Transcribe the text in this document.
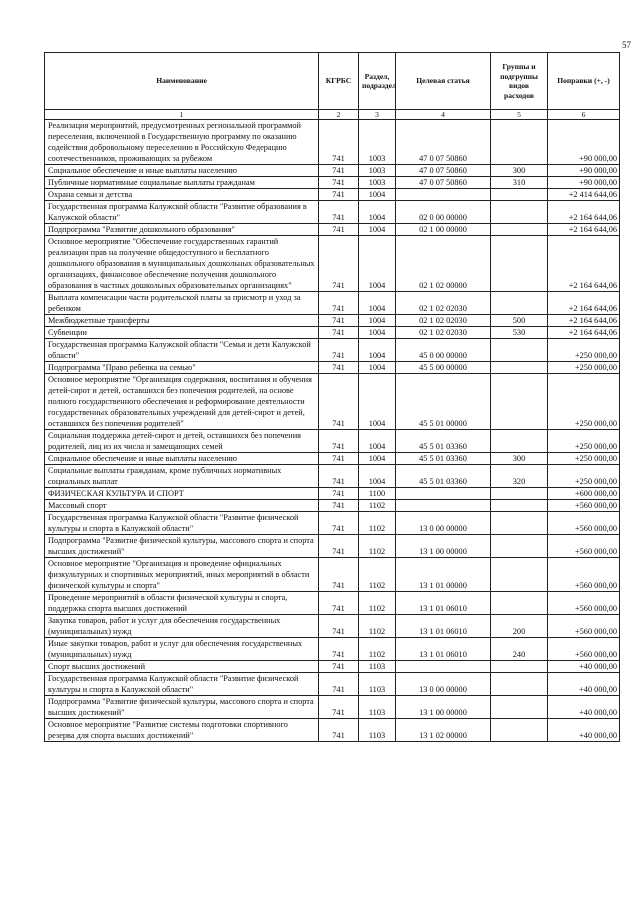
57
Наименование	КГРБС	Раздел, подраздел	Целевая статья	Группы и подгруппы видов расходов	Поправки (+, -)
1	2	3	4	5	6
Реализация мероприятий, предусмотренных региональной программой переселения, включенной в Государственную программу по оказанию содействия добровольному переселению в Российскую Федерацию соотечественников, проживающих за рубежом	741	1003	47 0 07 50860		+90 000,00
Социальное обеспечение и иные выплаты населению	741	1003	47 0 07 50860	300	+90 000,00
Публичные нормативные социальные выплаты гражданам	741	1003	47 0 07 50860	310	+90 000,00
Охрана семьи и детства	741	1004			+2 414 644,06
Государственная программа Калужской области "Развитие образования в Калужской области"	741	1004	02 0 00 00000		+2 164 644,06
Подпрограмма "Развитие дошкольного образования"	741	1004	02 1 00 00000		+2 164 644,06
Основное мероприятие "Обеспечение государственных гарантий реализации прав на получение общедоступного и бесплатного дошкольного образования в муниципальных дошкольных образовательных организациях, финансовое обеспечение получения дошкольного образования в частных дошкольных образовательных организациях"	741	1004	02 1 02 00000		+2 164 644,06
Выплата компенсации части родительской платы за присмотр и уход за ребенком	741	1004	02 1 02 02030		+2 164 644,06
Межбюджетные трансферты	741	1004	02 1 02 02030	500	+2 164 644,06
Субвенции	741	1004	02 1 02 02030	530	+2 164 644,06
Государственная программа Калужской области "Семья и дети Калужской области"	741	1004	45 0 00 00000		+250 000,00
Подпрограмма "Право ребенка на семью"	741	1004	45 5 00 00000		+250 000,00
Основное мероприятие "Организация содержания, воспитания и обучения детей-сирот и детей, оставшихся без попечения родителей, на основе полного государственного обеспечения и реформирование деятельности государственных образовательных учреждений для детей-сирот и детей, оставшихся без попечения родителей"	741	1004	45 5 01 00000		+250 000,00
Социальная поддержка детей-сирот и детей, оставшихся без попечения родителей, лиц из их числа и замещающих семей	741	1004	45 5 01 03360		+250 000,00
Социальное обеспечение и иные выплаты населению	741	1004	45 5 01 03360	300	+250 000,00
Социальные выплаты гражданам, кроме публичных нормативных социальных выплат	741	1004	45 5 01 03360	320	+250 000,00
ФИЗИЧЕСКАЯ КУЛЬТУРА И СПОРТ	741	1100			+600 000,00
Массовый спорт	741	1102			+560 000,00
Государственная программа Калужской области "Развитие физической культуры и спорта в Калужской области"	741	1102	13 0 00 00000		+560 000,00
Подпрограмма "Развитие физической культуры, массового спорта и спорта высших достижений"	741	1102	13 1 00 00000		+560 000,00
Основное мероприятие "Организация и проведение официальных физкультурных и спортивных мероприятий, иных мероприятий в области физической культуры и спорта"	741	1102	13 1 01 00000		+560 000,00
Проведение мероприятий в области физической культуры и спорта, поддержка спорта высших достижений	741	1102	13 1 01 06010		+560 000,00
Закупка товаров, работ и услуг для обеспечения государственных (муниципальных) нужд	741	1102	13 1 01 06010	200	+560 000,00
Иные закупки товаров, работ и услуг для обеспечения государственных (муниципальных) нужд	741	1102	13 1 01 06010	240	+560 000,00
Спорт высших достижений	741	1103			+40 000,00
Государственная программа Калужской области "Развитие физической культуры и спорта в Калужской области"	741	1103	13 0 00 00000		+40 000,00
Подпрограмма "Развитие физической культуры, массового спорта и спорта высших достижений"	741	1103	13 1 00 00000		+40 000,00
Основное мероприятие "Развитие системы подготовки спортивного резерва для спорта высших достижений"	741	1103	13 1 02 00000		+40 000,00
